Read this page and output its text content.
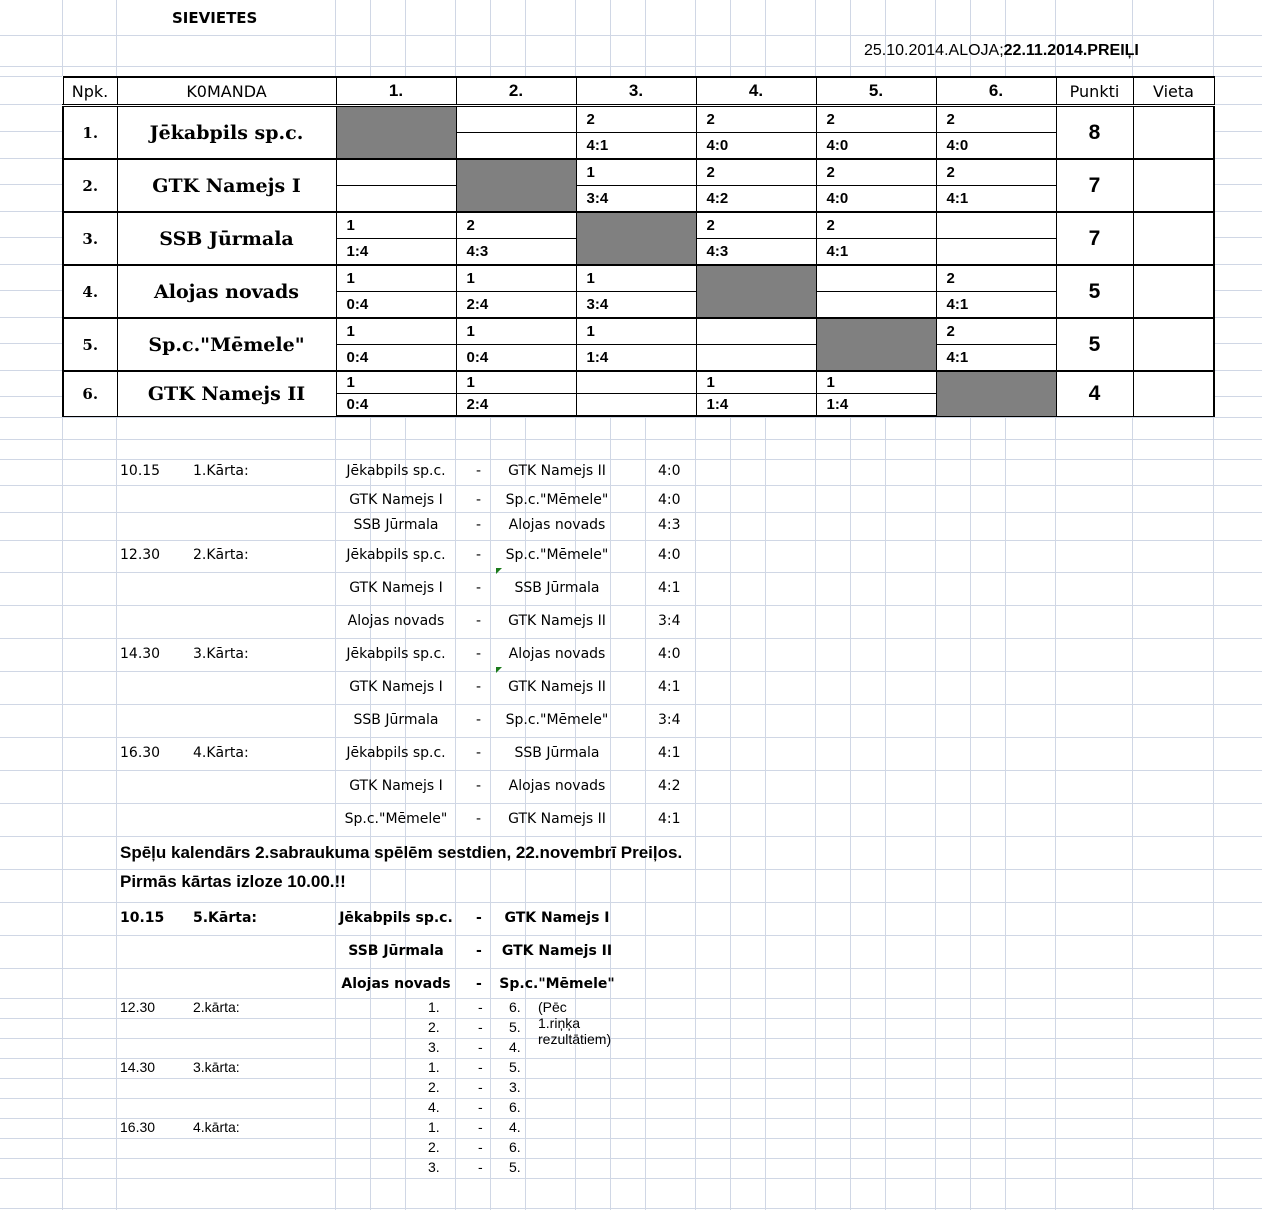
SIEVIETES
25.10.2014.ALOJA;22.11.2014.PREIĻI
Npk.	K0MANDA	1.	2.	3.	4.	5.	6.	Punkti	Vieta
1.	Jēkabpils sp.c.			2	2	2	2	8	
				4:1	4:0	4:0	4:0		
2.	GTK Namejs I			1	2	2	2	7	
				3:4	4:2	4:0	4:1		
3.	SSB Jūrmala	1	2		2	2		7	
		1:4	4:3		4:3	4:1			
4.	Alojas novads	1	1	1			2	5	
		0:4	2:4	3:4			4:1		
5.	Sp.c."Mēmele"	1	1	1			2	5	
		0:4	0:4	1:4			4:1		
6.	GTK Namejs II	1	1		1	1		4	
		0:4	2:4		1:4	1:4			
10.15 1.Kārta:	Jēkabpils sp.c.	-	GTK Namejs II	4:0
GTK Namejs I	-	Sp.c."Mēmele"	4:0
SSB Jūrmala	-	Alojas novads	4:3
12.30 2.Kārta:	Jēkabpils sp.c.	-	Sp.c."Mēmele"	4:0
GTK Namejs I	-	SSB Jūrmala	4:1
Alojas novads	-	GTK Namejs II	3:4
14.30 3.Kārta:	Jēkabpils sp.c.	-	Alojas novads	4:0
GTK Namejs I	-	GTK Namejs II	4:1
SSB Jūrmala	-	Sp.c."Mēmele"	3:4
16.30 4.Kārta:	Jēkabpils sp.c.	-	SSB Jūrmala	4:1
GTK Namejs I	-	Alojas novads	4:2
Sp.c."Mēmele"	-	GTK Namejs II	4:1
Spēļu kalendārs 2.sabraukuma spēlēm sestdien, 22.novembrī Preiļos.
Pirmās kārtas izloze 10.00.!!
10.15 5.Kārta:	Jēkabpils sp.c. -	GTK Namejs I
SSB Jūrmala	-	GTK Namejs II
Alojas novads	- Sp.c."Mēmele"
12.30	2.kārta:	1.	- 6. (Pēc 1.riņķa rezultātiem)
2.	- 5.
3.	- 4.
14.30	3.kārta:	1.	- 5.
2.	- 3.
4.	- 6.
16.30	4.kārta:	1.	- 4.
2.	- 6.
3.	- 5.
